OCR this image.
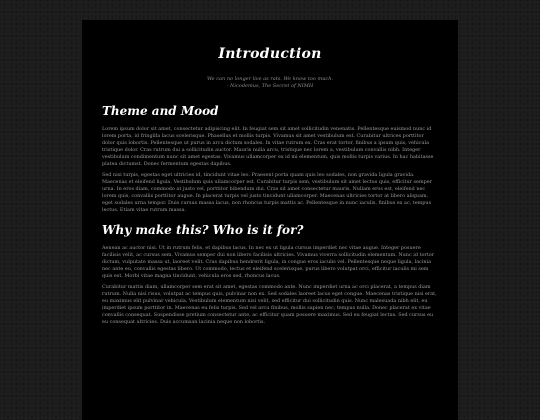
Introduction
We can no longer live as rats. We know too much.
- Nicodemus, The Secret of NIMH
Theme and Mood

Lorem ipsum dolor sit amet, consectetur adipiscing elit. In feugiat sem sit amet sollicitudin venenatis. Pellentesque euismod nunc id lorem porta, id fringilla lacus scelerisque. Phasellus et mollis turpis. Vivamus sit amet vestibulum est. Curabitur ultrices porttitor dolor quis lobortis. Pellentesque ut purus in arcu dictum sodales. In vitae rutrum ex. Cras erat tortor, finibus a ipsum quis, vehicula tristique dolor. Cras rutrum dui a sollicitudin auctor. Mauris nulla arcu, tristique nec lorem a, vestibulum convallis nibh. Integer vestibulum condimentum nunc sit amet egestas. Vivamus ullamcorper ex id mi elementum, quis mollis turpis varius. In hac habitasse platea dictumst. Donec fermentum egestas dapibus.

Sed nisi turpis, egestas eget ultricies id, tincidunt vitae leo. Praesent porta quam quis leo sodales, non gravida ligula gravida. Maecenas et eleifend ligula. Vestibulum quis ullamcorper est. Curabitur turpis sem, vestibulum sit amet lectus quis, efficitur semper urna. In eros diam, commodo at justo vel, porttitor bibendum dui. Cras sit amet consectetur mauris. Nullam eros est, eleifend nec lorem quis, convallis porttitor augue. In placerat turpis vel justo tincidunt ullamcorper. Maecenas ultricies tortor at libero aliquam, eget sodales urna tempor. Duis cursus massa lacus, non rhoncus turpis mattis ac. Pellentesque in nunc iaculis, finibus ex ac, tempus lectus. Etiam vitae rutrum massa.

Why make this? Who is it for?

Aenean ac auctor nisi. Ut in rutrum felis, et dapibus lacus. In nec ex ut ligula cursus imperdiet nec vitae augue. Integer posuere facilisis velit, ac cursus sem. Vivamus semper dui non libero facilisis ultricies. Vivamus viverra sollicitudin elementum. Nunc id tortor dictum, vulputate massa ut, laoreet velit. Cras dapibus hendrerit ligula, in congue eros iaculis vel. Pellentesque neque ligula, lacinia nec ante eu, convallis egestas libero. Ut commodo, lectus et eleifend scelerisque, purus libero volutpat orci, efficitur iaculis mi sem quis est. Morbi vitae magna tincidunt, vehicula eros sed, rhoncus lacus.

Curabitur mattis diam, ullamcorper sem erat sit amet, egestas commodo ante. Nunc imperdiet urna ac orci placerat, a tempus diam rutrum. Nulla nisi risus, volutpat ac tempus quis, pulvinar non ex. Sed sodales laoreet lacus eget congue. Maecenas tristique nisi erat, eu maximus elit pulvinar vehicula. Vestibulum elementum nisi velit, sed efficitur dui sollicitudin quis. Nunc malesuada nibh elit, eu imperdiet ipsum porttitor in. Maecenas eu felis turpis. Sed vel arcu finibus, mollis sapien nec, tempus nulla. Donec placerat ex vitae convallis consequat. Suspendisse pretium consectetur ante, ac efficitur quam posuere maximus. Sed eu feugiat lectus. Sed cursus eu eu consequat ultricies. Duis accumsan lacinia neque non lobortis.
